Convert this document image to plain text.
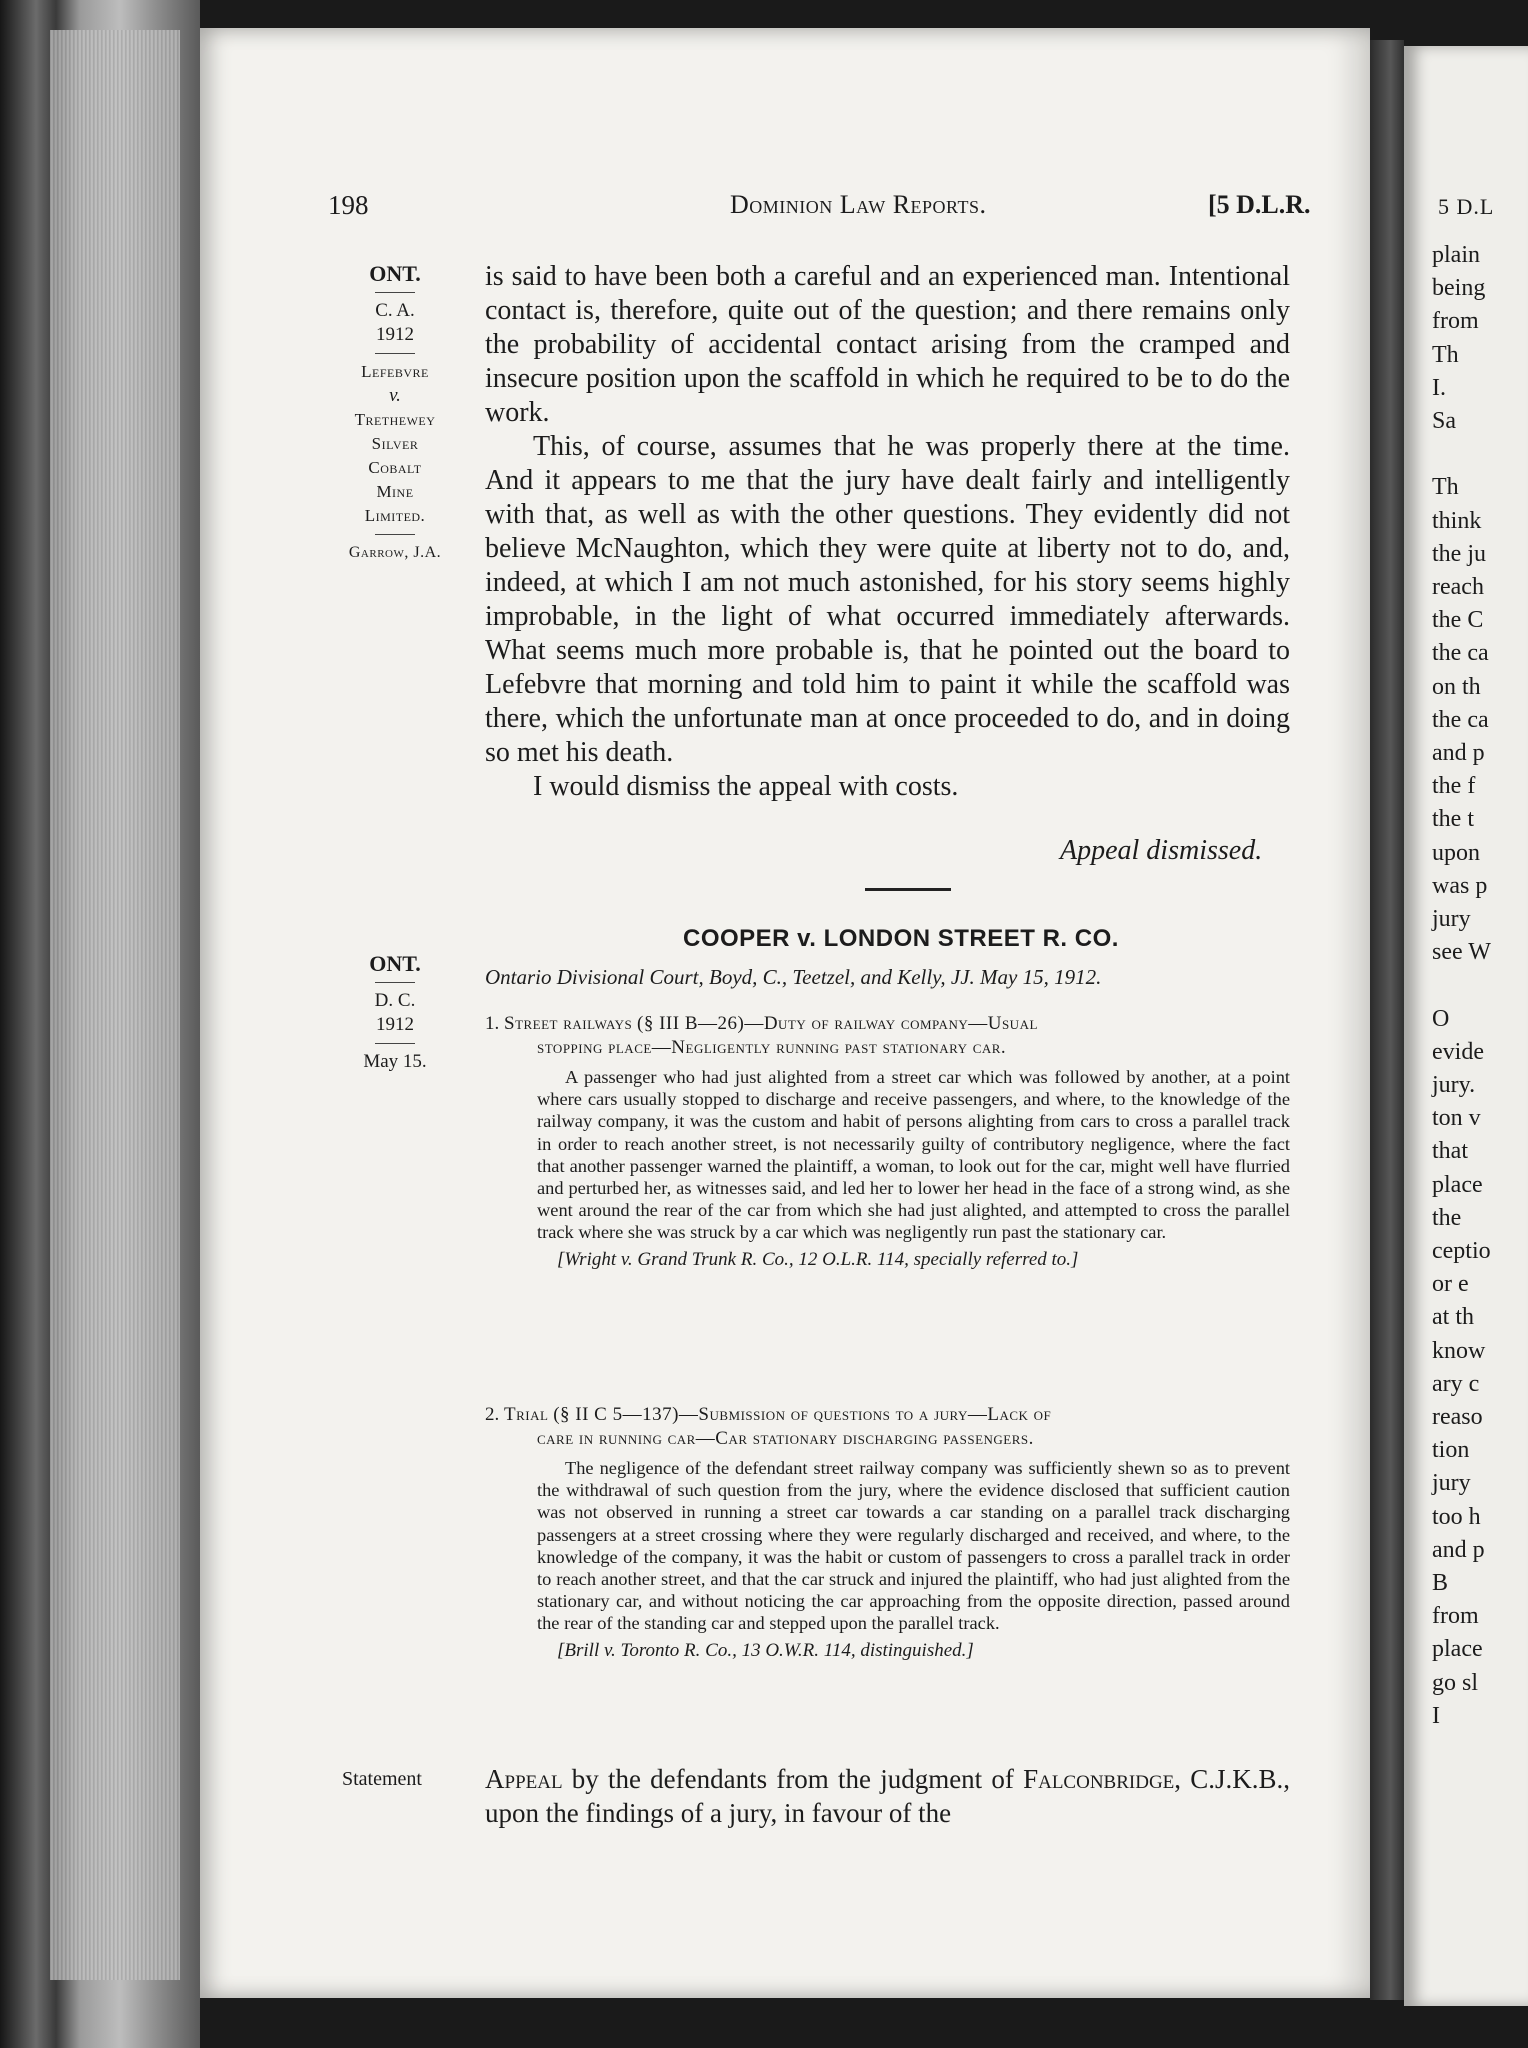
5 D.L
plain
being
from
Th
I.
Sa
Th
think
the ju
reach
the C
the ca
on th
the ca
and p
the f
the t
upon
was p
jury
see W
O
evide
jury.
ton v
that
place
the
ceptio
or e
at th
know
ary c
reaso
tion
jury
too h
and p
B
from
place
go sl
I
198	Dominion Law Reports.	[5 D.L.R.
ONT.
C. A.
1912
Lefebvre
v.
Trethewey
Silver
Cobalt
Mine
Limited.
Garrow, J.A.

is said to have been both a careful and an experienced man. Intentional contact is, therefore, quite out of the question; and there remains only the probability of accidental contact arising from the cramped and insecure position upon the scaffold in which he required to be to do the work.

This, of course, assumes that he was properly there at the time. And it appears to me that the jury have dealt fairly and intelligently with that, as well as with the other questions. They evidently did not believe McNaughton, which they were quite at liberty not to do, and, indeed, at which I am not much astonished, for his story seems highly improbable, in the light of what occurred immediately afterwards. What seems much more probable is, that he pointed out the board to Lefebvre that morning and told him to paint it while the scaffold was there, which the unfortunate man at once proceeded to do, and in doing so met his death.

I would dismiss the appeal with costs.

Appeal dismissed.
ONT.
D. C.
1912
May 15.
COOPER v. LONDON STREET R. CO.
Ontario Divisional Court, Boyd, C., Teetzel, and Kelly, JJ. May 15, 1912.
1. Street railways (§ III B—26)—Duty of railway company—Usual
stopping place—Negligently running past stationary car.

A passenger who had just alighted from a street car which was followed by another, at a point where cars usually stopped to discharge and receive passengers, and where, to the knowledge of the railway company, it was the custom and habit of persons alighting from cars to cross a parallel track in order to reach another street, is not necessarily guilty of contributory negligence, where the fact that another passenger warned the plaintiff, a woman, to look out for the car, might well have flurried and perturbed her, as witnesses said, and led her to lower her head in the face of a strong wind, as she went around the rear of the car from which she had just alighted, and attempted to cross the parallel track where she was struck by a car which was negligently run past the stationary car.

[Wright v. Grand Trunk R. Co., 12 O.L.R. 114, specially referred to.]
2. Trial (§ II C 5—137)—Submission of questions to a jury—Lack of
care in running car—Car stationary discharging passengers.

The negligence of the defendant street railway company was sufficiently shewn so as to prevent the withdrawal of such question from the jury, where the evidence disclosed that sufficient caution was not observed in running a street car towards a car standing on a parallel track discharging passengers at a street crossing where they were regularly discharged and received, and where, to the knowledge of the company, it was the habit or custom of passengers to cross a parallel track in order to reach another street, and that the car struck and injured the plaintiff, who had just alighted from the stationary car, and without noticing the car approaching from the opposite direction, passed around the rear of the standing car and stepped upon the parallel track.

[Brill v. Toronto R. Co., 13 O.W.R. 114, distinguished.]
Statement Appeal by the defendants from the judgment of Falconbridge, C.J.K.B., upon the findings of a jury, in favour of the
